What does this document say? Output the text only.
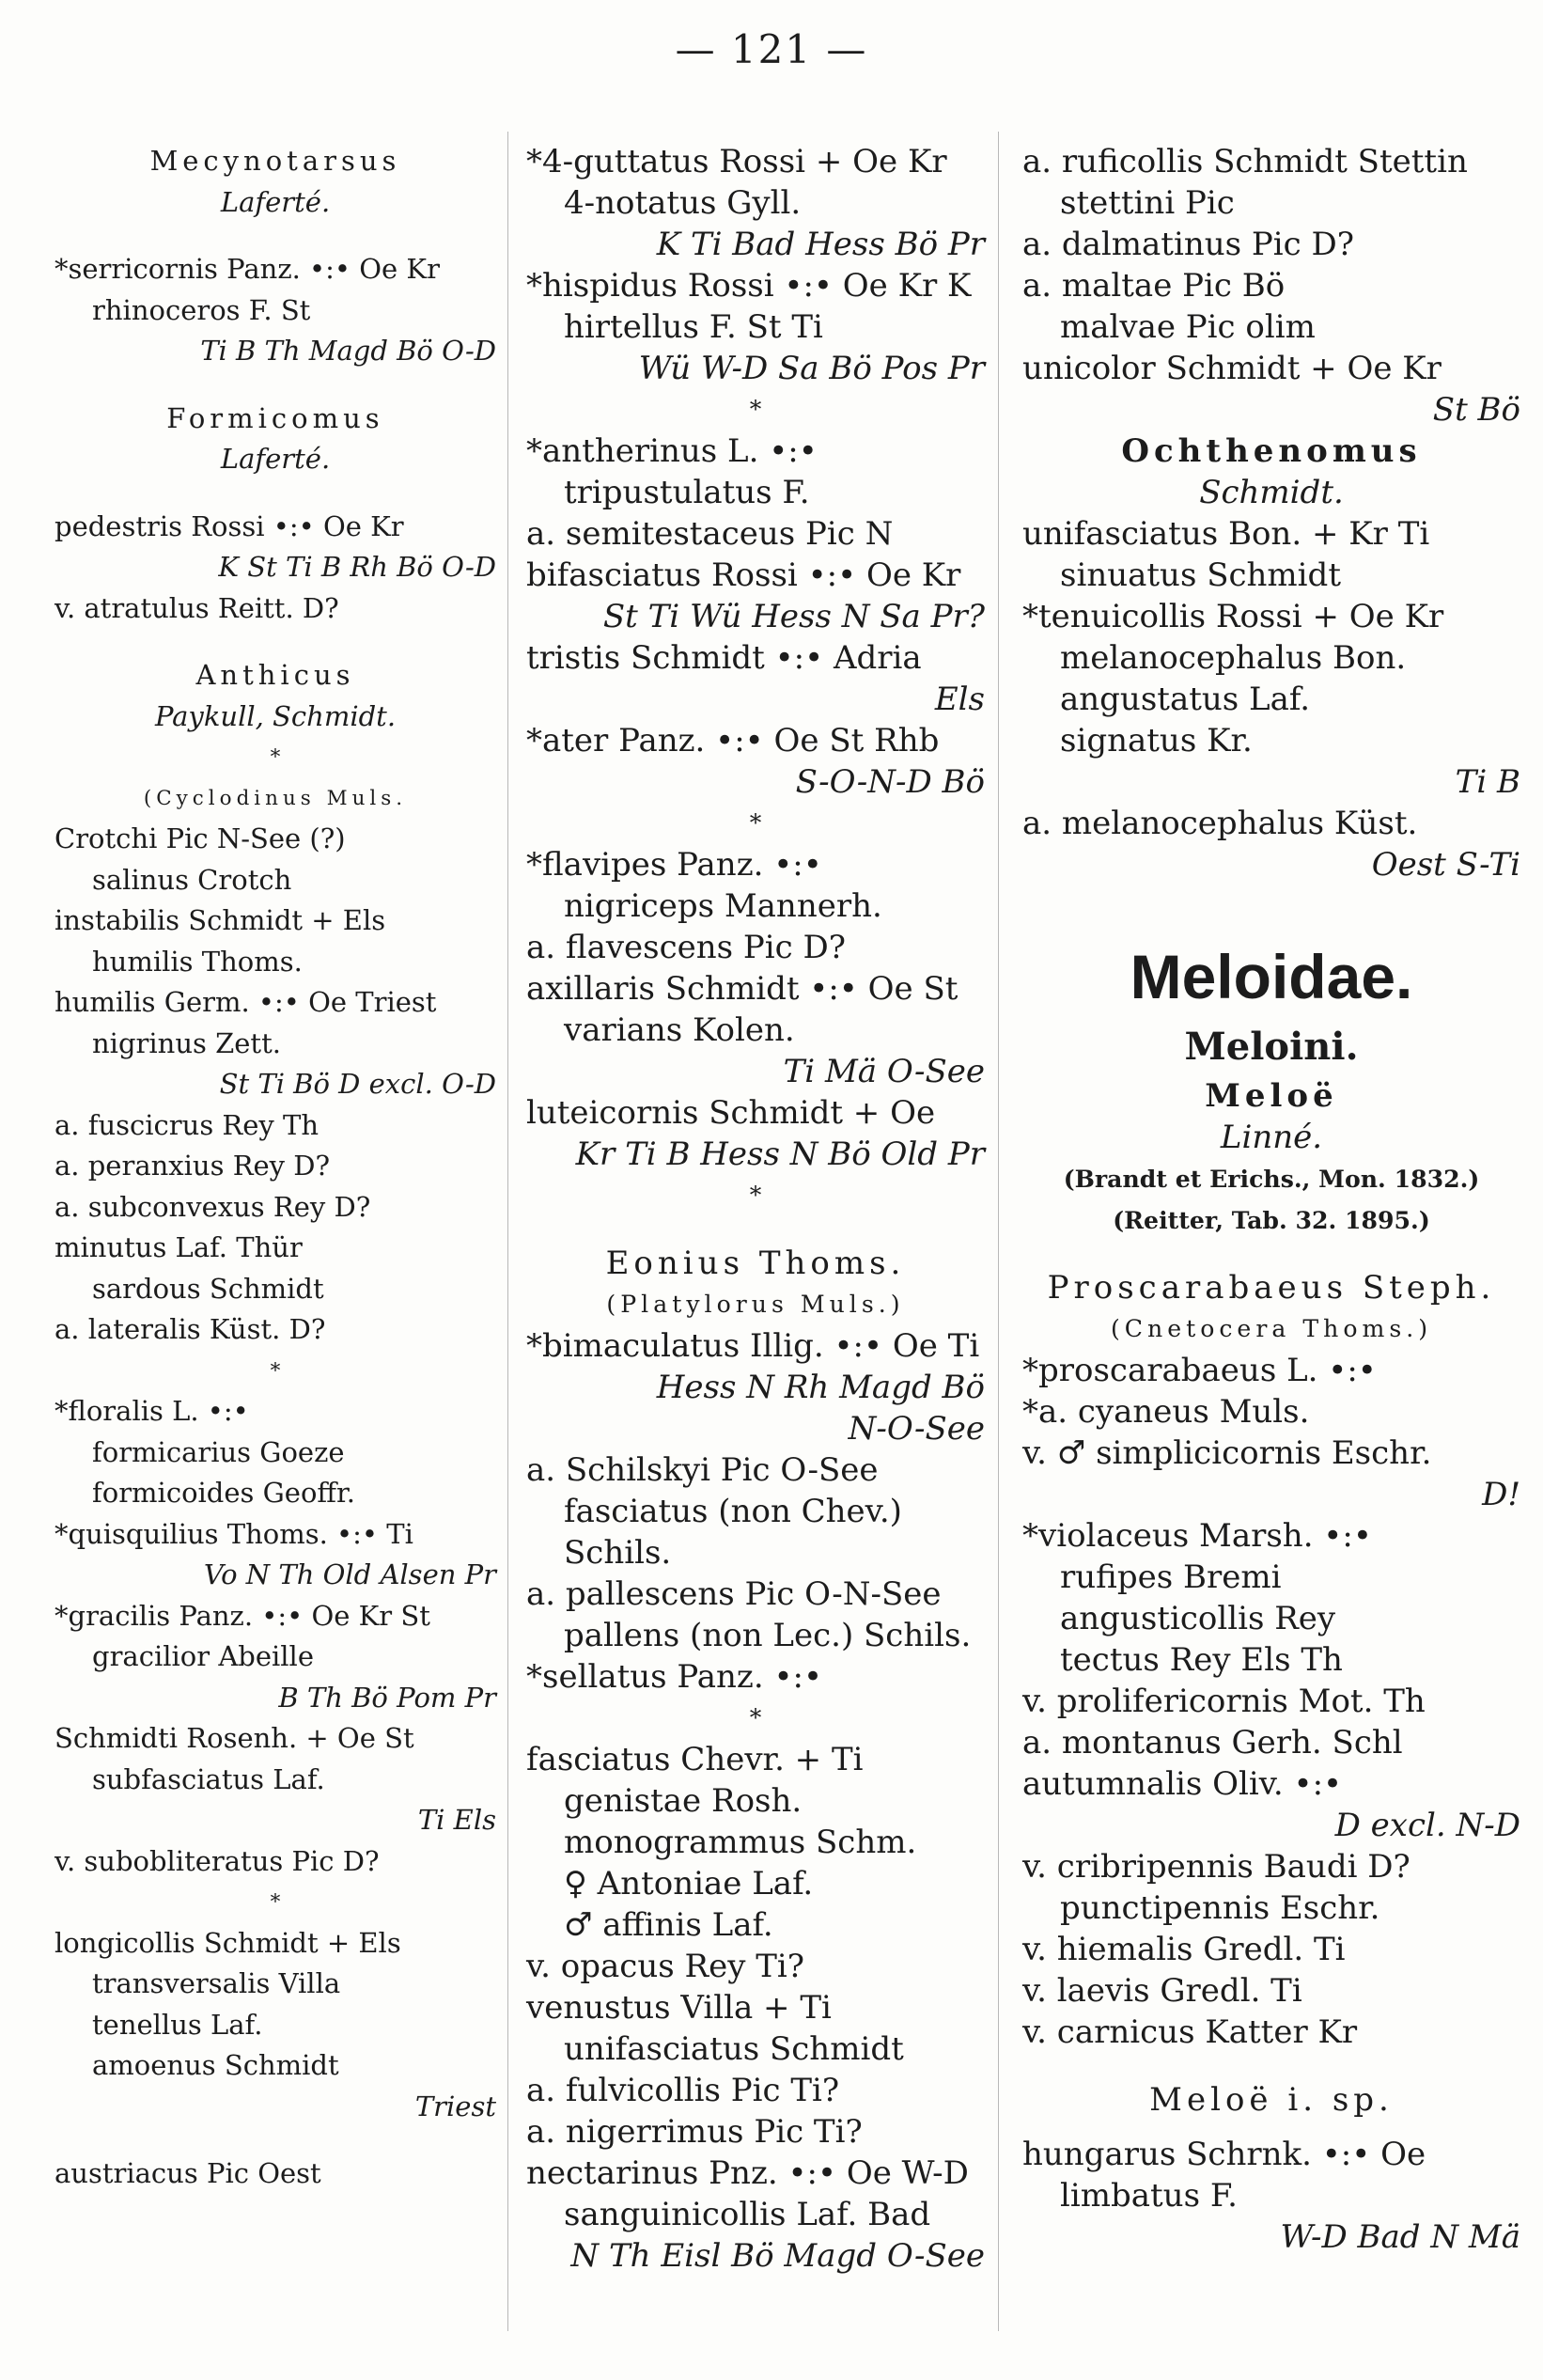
— 121 —
Mecynotarsus
Laferté.
*serricornis Panz. •:• Oe Kr
rhinoceros F. St
Ti B Th Magd Bö O-D
Formicomus
Laferté.
pedestris Rossi •:• Oe Kr
K St Ti B Rh Bö O-D
v. atratulus Reitt. D?
Anthicus
Paykull, Schmidt.
*
(Cyclodinus Muls.
Crotchi Pic N-See (?)
salinus Crotch
instabilis Schmidt + Els
humilis Thoms.
humilis Germ. •:• Oe Triest
nigrinus Zett.
St Ti Bö D excl. O-D
a. fuscicrus Rey Th
a. peranxius Rey D?
a. subconvexus Rey D?
minutus Laf. Thür
sardous Schmidt
a. lateralis Küst. D?
*
*floralis L. •:•
formicarius Goeze
formicoides Geoffr.
*quisquilius Thoms. •:• Ti
Vo N Th Old Alsen Pr
*gracilis Panz. •:• Oe Kr St
gracilior Abeille
B Th Bö Pom Pr
Schmidti Rosenh. + Oe St
subfasciatus Laf.
Ti Els
v. subobliteratus Pic D?
*
longicollis Schmidt + Els
transversalis Villa
tenellus Laf.
amoenus Schmidt
Triest
austriacus Pic Oest
*4-guttatus Rossi + Oe Kr
4-notatus Gyll.
K Ti Bad Hess Bö Pr
*hispidus Rossi •:• Oe Kr K
hirtellus F. St Ti
Wü W-D Sa Bö Pos Pr
*
*antherinus L. •:•
tripustulatus F.
a. semitestaceus Pic N
bifasciatus Rossi •:• Oe Kr
St Ti Wü Hess N Sa Pr?
tristis Schmidt •:• Adria
Els
*ater Panz. •:• Oe St Rhb
S-O-N-D Bö
*
*flavipes Panz. •:•
nigriceps Mannerh.
a. flavescens Pic D?
axillaris Schmidt •:• Oe St
varians Kolen.
Ti Mä O-See
luteicornis Schmidt + Oe
Kr Ti B Hess N Bö Old Pr
*
Eonius Thoms.
(Platylorus Muls.)
*bimaculatus Illig. •:• Oe Ti
Hess N Rh Magd Bö
N-O-See
a. Schilskyi Pic O-See
fasciatus (non Chev.)
Schils.
a. pallescens Pic O-N-See
pallens (non Lec.) Schils.
*sellatus Panz. •:•
*
fasciatus Chevr. + Ti
genistae Rosh.
monogrammus Schm.
♀ Antoniae Laf.
♂ affinis Laf.
v. opacus Rey Ti?
venustus Villa + Ti
unifasciatus Schmidt
a. fulvicollis Pic Ti?
a. nigerrimus Pic Ti?
nectarinus Pnz. •:• Oe W-D
sanguinicollis Laf. Bad
N Th Eisl Bö Magd O-See
a. ruficollis Schmidt Stettin
stettini Pic
a. dalmatinus Pic D?
a. maltae Pic Bö
malvae Pic olim
unicolor Schmidt + Oe Kr
St Bö
Ochthenomus
Schmidt.
unifasciatus Bon. + Kr Ti
sinuatus Schmidt
*tenuicollis Rossi + Oe Kr
melanocephalus Bon.
angustatus Laf.
signatus Kr.
Ti B
a. melanocephalus Küst.
Oest S-Ti
Meloidae.
Meloini.
Meloë
Linné.
(Brandt et Erichs., Mon. 1832.)
(Reitter, Tab. 32. 1895.)
Proscarabaeus Steph.
(Cnetocera Thoms.)
*proscarabaeus L. •:•
*a. cyaneus Muls.
v. ♂ simplicicornis Eschr.
D!
*violaceus Marsh. •:•
rufipes Bremi
angusticollis Rey
tectus Rey Els Th
v. prolifericornis Mot. Th
a. montanus Gerh. Schl
autumnalis Oliv. •:•
D excl. N-D
v. cribripennis Baudi D?
punctipennis Eschr.
v. hiemalis Gredl. Ti
v. laevis Gredl. Ti
v. carnicus Katter Kr
Meloë i. sp.
hungarus Schrnk. •:• Oe
limbatus F.
W-D Bad N Mä
